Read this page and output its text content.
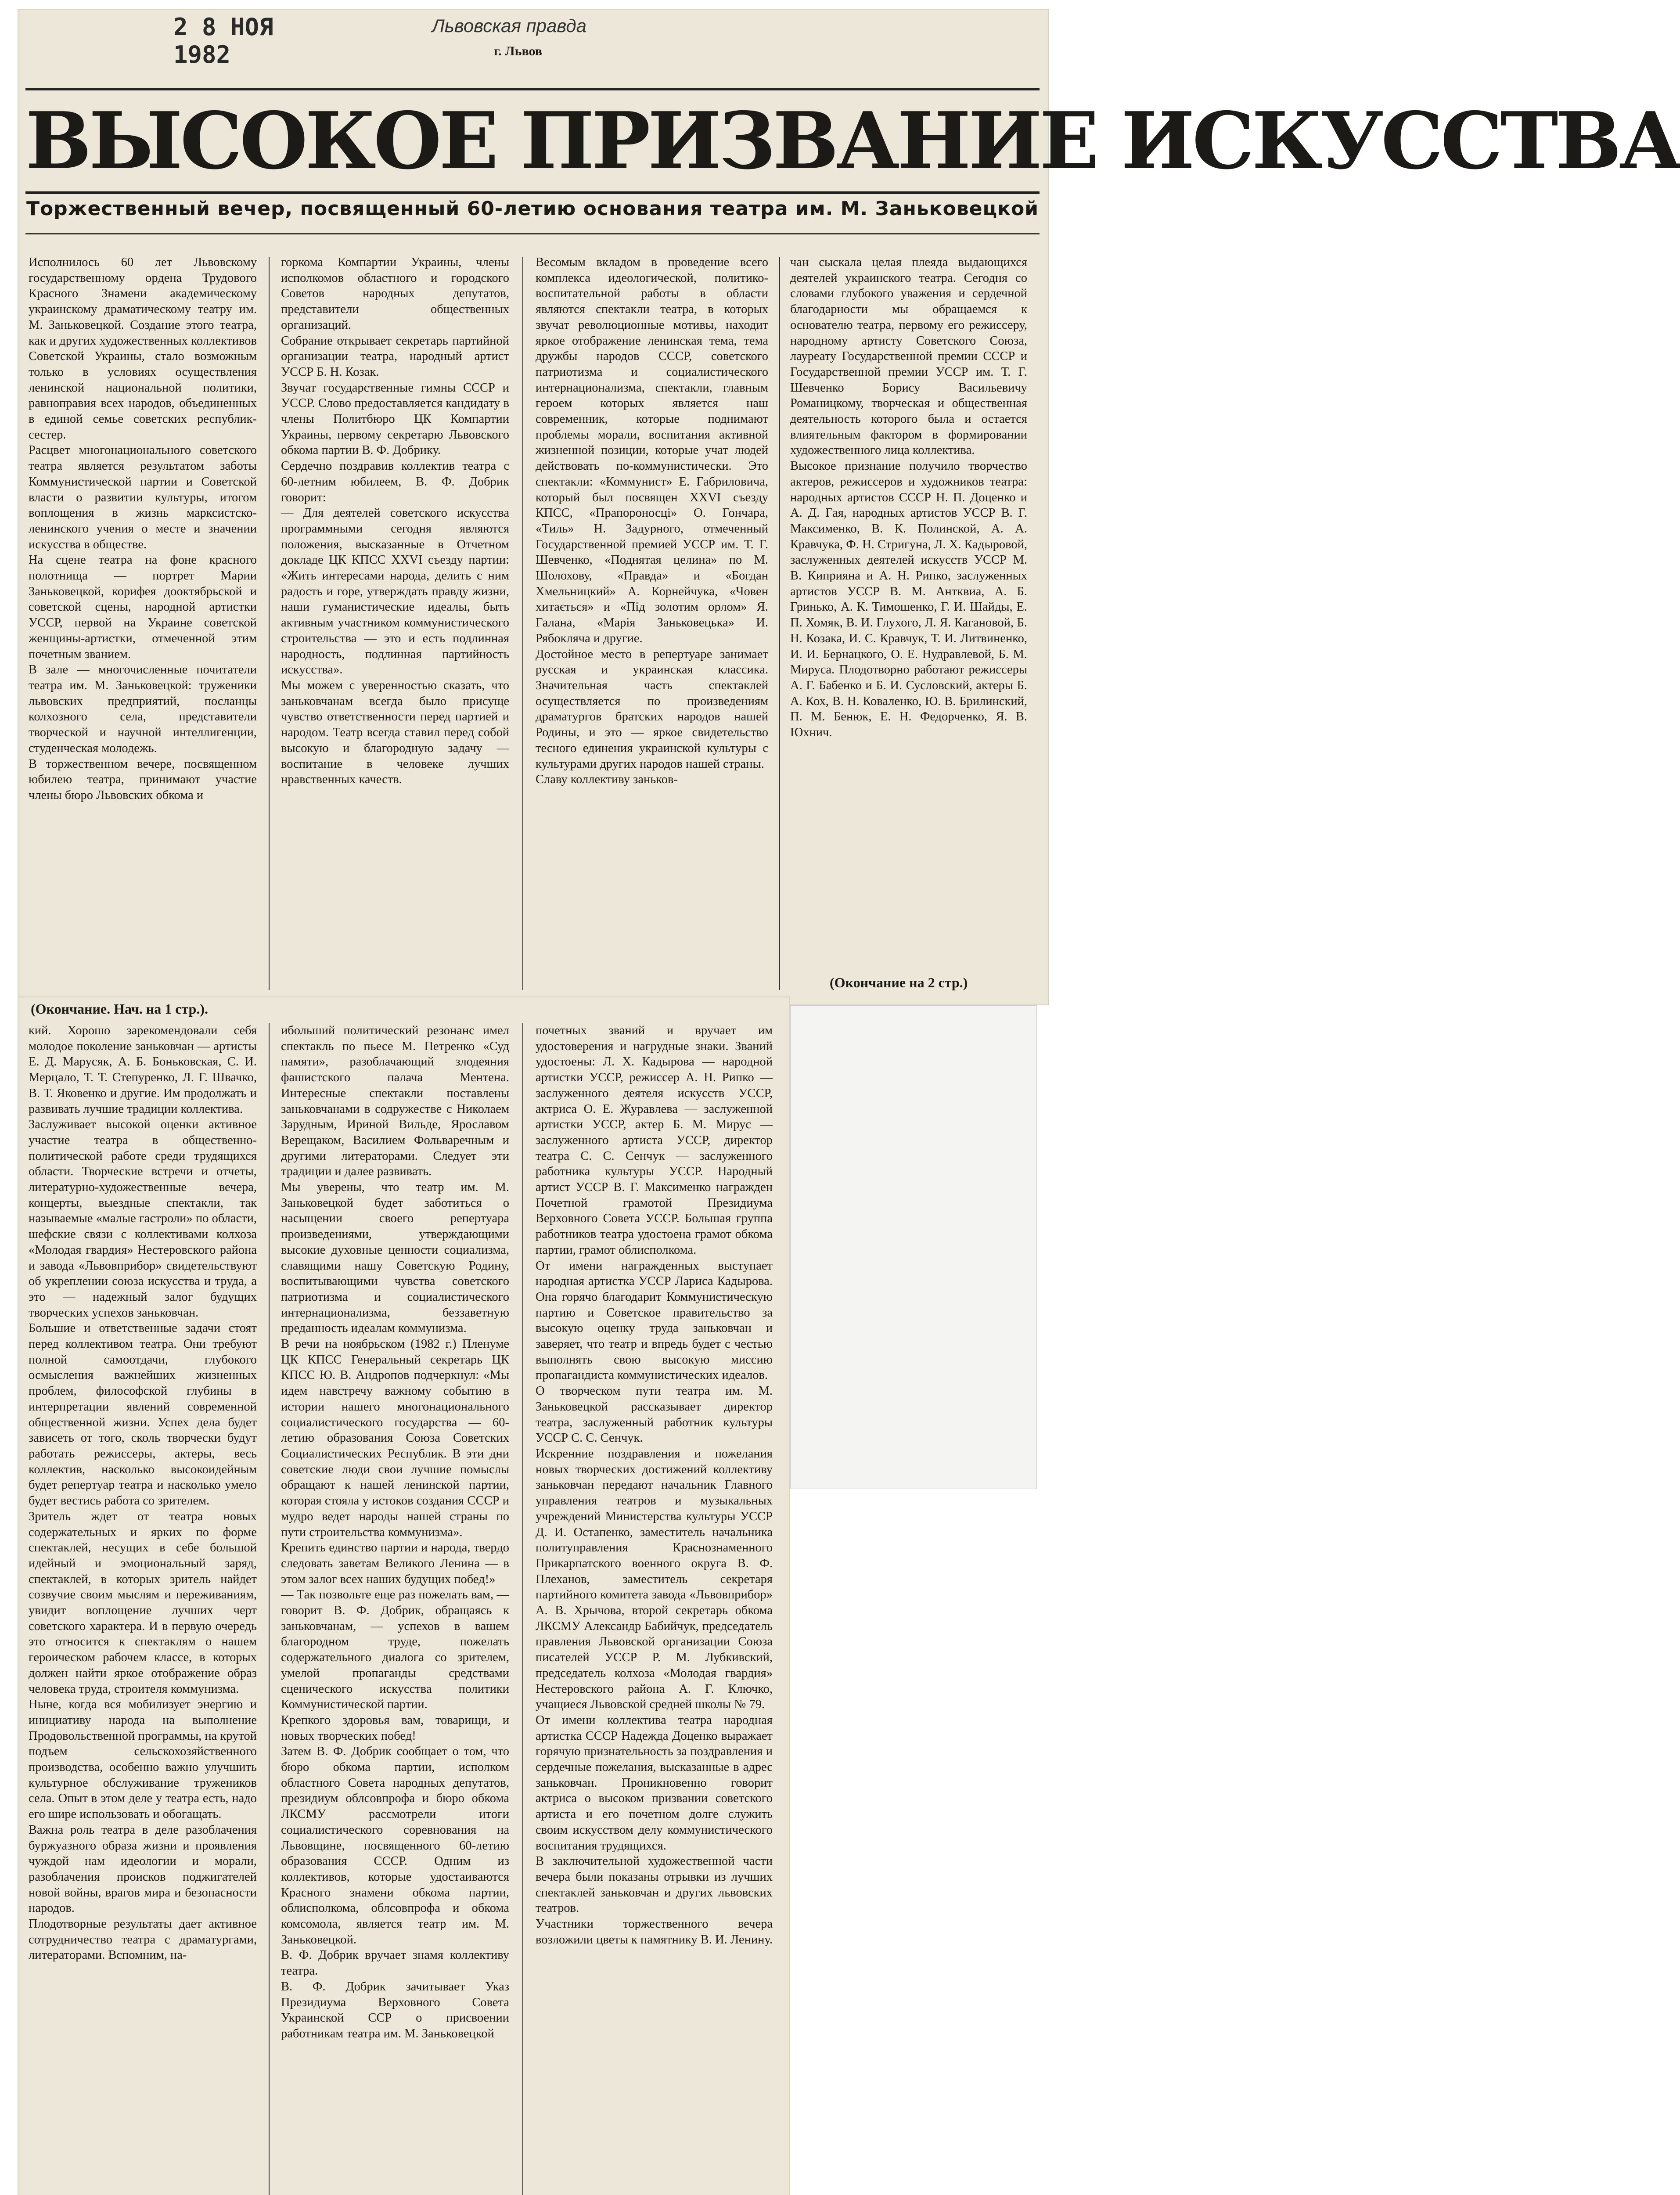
2 8 НОЯ 1982
Львовская правда
г. Львов
ВЫСОКОЕ ПРИЗВАНИЕ ИСКУССТВА
Торжественный вечер, посвященный 60-летию основания театра им. М. Заньковецкой
Исполнилось 60 лет Львовскому государственному ордена Трудового Красного Знамени академическому украинскому драматическому театру им. М. Заньковецкой. Создание этого театра, как и других художественных коллективов Советской Украины, стало возможным только в условиях осуществления ленинской национальной политики, равноправия всех народов, объединенных в единой семье советских республик-сестер.
Расцвет многонационального советского театра является результатом заботы Коммунистической партии и Советской власти о развитии культуры, итогом воплощения в жизнь марксистско-ленинского учения о месте и значении искусства в обществе.
На сцене театра на фоне красного полотнища — портрет Марии Заньковецкой, корифея дооктябрьской и советской сцены, народной артистки УССР, первой на Украине советской женщины-артистки, отмеченной этим почетным званием.
В зале — многочисленные почитатели театра им. М. Заньковецкой: труженики львовских предприятий, посланцы колхозного села, представители творческой и научной интеллигенции, студенческая молодежь.
В торжественном вечере, посвященном юбилею театра, принимают участие члены бюро Львовских обкома и
горкома Компартии Украины, члены исполкомов областного и городского Советов народных депутатов, представители общественных организаций.
Собрание открывает секретарь партийной организации театра, народный артист УССР Б. Н. Козак.
Звучат государственные гимны СССР и УССР. Слово предоставляется кандидату в члены Политбюро ЦК Компартии Украины, первому секретарю Львовского обкома партии В. Ф. Добрику.
Сердечно поздравив коллектив театра с 60-летним юбилеем, В. Ф. Добрик говорит:
— Для деятелей советского искусства программными сегодня являются положения, высказанные в Отчетном докладе ЦК КПСС XXVI съезду партии: «Жить интересами народа, делить с ним радость и горе, утверждать правду жизни, наши гуманистические идеалы, быть активным участником коммунистического строительства — это и есть подлинная народность, подлинная партийность искусства».
Мы можем с уверенностью сказать, что заньковчанам всегда было присуще чувство ответственности перед партией и народом. Театр всегда ставил перед собой высокую и благородную задачу — воспитание в человеке лучших нравственных качеств.
Весомым вкладом в проведение всего комплекса идеологической, политико-воспитательной работы в области являются спектакли театра, в которых звучат революционные мотивы, находит яркое отображение ленинская тема, тема дружбы народов СССР, советского патриотизма и социалистического интернационализма, спектакли, главным героем которых является наш современник, которые поднимают проблемы морали, воспитания активной жизненной позиции, которые учат людей действовать по-коммунистически. Это спектакли: «Коммунист» Е. Габриловича, который был посвящен XXVI съезду КПСС, «Прапороносці» О. Гончара, «Тиль» Н. Задурного, отмеченный Государственной премией УССР им. Т. Г. Шевченко, «Поднятая целина» по М. Шолохову, «Правда» и «Богдан Хмельницкий» А. Корнейчука, «Човен хитається» и «Під золотим орлом» Я. Галана, «Марія Заньковецька» И. Рябокляча и другие.
Достойное место в репертуаре занимает русская и украинская классика. Значительная часть спектаклей осуществляется по произведениям драматургов братских народов нашей Родины, и это — яркое свидетельство тесного единения украинской культуры с культурами других народов нашей страны.
Славу коллективу заньков-
чан сыскала целая плеяда выдающихся деятелей украинского театра. Сегодня со словами глубокого уважения и сердечной благодарности мы обращаемся к основателю театра, первому его режиссеру, народному артисту Советского Союза, лауреату Государственной премии СССР и Государственной премии УССР им. Т. Г. Шевченко Борису Васильевичу Романицкому, творческая и общественная деятельность которого была и остается влиятельным фактором в формировании художественного лица коллектива.
Высокое признание получило творчество актеров, режиссеров и художников театра: народных артистов СССР Н. П. Доценко и А. Д. Гая, народных артистов УССР В. Г. Максименко, В. К. Полинской, А. А. Кравчука, Ф. Н. Стригуна, Л. Х. Кадыровой, заслуженных деятелей искусств УССР М. В. Киприяна и А. Н. Рипко, заслуженных артистов УССР В. М. Антквиа, А. Б. Гринько, А. К. Тимошенко, Г. И. Шайды, Е. П. Хомяк, В. И. Глухого, Л. Я. Кагановой, Б. Н. Козака, И. С. Кравчук, Т. И. Литвиненко, И. И. Бернацкого, О. Е. Нудравлевой, Б. М. Мирусa. Плодотворно работают режиссеры А. Г. Бабенко и Б. И. Сусловский, актеры Б. А. Кох, В. Н. Коваленко, Ю. В. Брилинский, П. М. Бенюк, Е. Н. Федорченко, Я. В. Юхнич.
(Окончание на 2 стр.)
(Окончание. Нач. на 1 стр.).
кий. Хорошо зарекомендовали себя молодое поколение заньковчан — артисты Е. Д. Марусяк, А. Б. Боньковская, С. И. Мерцало, Т. Т. Степуренко, Л. Г. Швачко, В. Т. Яковенко и другие. Им продолжать и развивать лучшие традиции коллектива.
Заслуживает высокой оценки активное участие театра в общественно-политической работе среди трудящихся области. Творческие встречи и отчеты, литературно-художественные вечера, концерты, выездные спектакли, так называемые «малые гастроли» по области, шефские связи с коллективами колхоза «Молодая гвардия» Нестеровского района и завода «Львовприбор» свидетельствуют об укреплении союза искусства и труда, а это — надежный залог будущих творческих успехов заньковчан.
Большие и ответственные задачи стоят перед коллективом театра. Они требуют полной самоотдачи, глубокого осмысления важнейших жизненных проблем, философской глубины в интерпретации явлений современной общественной жизни. Успех дела будет зависеть от того, сколь творчески будут работать режиссеры, актеры, весь коллектив, насколько высокоидейным будет репертуар театра и насколько умело будет вестись работа со зрителем.
Зритель ждет от театра новых содержательных и ярких по форме спектаклей, несущих в себе большой идейный и эмоциональный заряд, спектаклей, в которых зритель найдет созвучие своим мыслям и переживаниям, увидит воплощение лучших черт советского характера. И в первую очередь это относится к спектаклям о нашем героическом рабочем классе, в которых должен найти яркое отображение образ человека труда, строителя коммунизма.
Ныне, когда вся мобилизует энергию и инициативу народа на выполнение Продовольственной программы, на крутой подъем сельскохозяйственного производства, особенно важно улучшить культурное обслуживание тружеников села. Опыт в этом деле у театра есть, надо его шире использовать и обогащать.
Важна роль театра в деле разоблачения буржуазного образа жизни и проявления чуждой нам идеологии и морали, разоблачения происков поджигателей новой войны, врагов мира и безопасности народов.
Плодотворные результаты дает активное сотрудничество театра с драматургами, литераторами. Вспомним, на-
ибольший политический резонанс имел спектакль по пьесе М. Петренко «Суд памяти», разоблачающий злодеяния фашистского палача Ментена. Интересные спектакли поставлены заньковчанами в содружестве с Николаем Зарудным, Ириной Вильде, Ярославом Верещаком, Василием Фольваречным и другими литераторами. Следует эти традиции и далее развивать.
Мы уверены, что театр им. М. Заньковецкой будет заботиться о насыщении своего репертуара произведениями, утверждающими высокие духовные ценности социализма, славящими нашу Советскую Родину, воспитывающими чувства советского патриотизма и социалистического интернационализма, беззаветную преданность идеалам коммунизма.
В речи на ноябрьском (1982 г.) Пленуме ЦК КПСС Генеральный секретарь ЦК КПСС Ю. В. Андропов подчеркнул: «Мы идем навстречу важному событию в истории нашего многонационального социалистического государства — 60-летию образования Союза Советских Социалистических Республик. В эти дни советские люди свои лучшие помыслы обращают к нашей ленинской партии, которая стояла у истоков создания СССР и мудро ведет народы нашей страны по пути строительства коммунизма».
Крепить единство партии и народа, твердо следовать заветам Великого Ленина — в этом залог всех наших будущих побед!»
— Так позвольте еще раз пожелать вам, — говорит В. Ф. Добрик, обращаясь к заньковчанам, — успехов в вашем благородном труде, пожелать содержательного диалога со зрителем, умелой пропаганды средствами сценического искусства политики Коммунистической партии.
Крепкого здоровья вам, товарищи, и новых творческих побед!
Затем В. Ф. Добрик сообщает о том, что бюро обкома партии, исполком областного Совета народных депутатов, президиум облсовпрофа и бюро обкома ЛКСМУ рассмотрели итоги социалистического соревнования на Львовщине, посвященного 60-летию образования СССР. Одним из коллективов, которые удостаиваются Красного знамени обкома партии, облисполкома, облсовпрофа и обкома комсомола, является театр им. М. Заньковецкой.
В. Ф. Добрик вручает знамя коллективу театра.
В. Ф. Добрик зачитывает Указ Президиума Верховного Совета Украинской ССР о присвоении работникам театра им. М. Заньковецкой
почетных званий и вручает им удостоверения и нагрудные знаки. Званий удостоены: Л. Х. Кадырова — народной артистки УССР, режиссер А. Н. Рипко — заслуженного деятеля искусств УССР, актриса О. Е. Журавлева — заслуженной артистки УССР, актер Б. М. Мирус — заслуженного артиста УССР, директор театра С. С. Сенчук — заслуженного работника культуры УССР. Народный артист УССР В. Г. Максименко награжден Почетной грамотой Президиума Верховного Совета УССР. Большая группа работников театра удостоена грамот обкома партии, грамот облисполкома.
От имени награжденных выступает народная артистка УССР Лариса Кадырова. Она горячо благодарит Коммунистическую партию и Советское правительство за высокую оценку труда заньковчан и заверяет, что театр и впредь будет с честью выполнять свою высокую миссию пропагандиста коммунистических идеалов.
О творческом пути театра им. М. Заньковецкой рассказывает директор театра, заслуженный работник культуры УССР С. С. Сенчук.
Искренние поздравления и пожелания новых творческих достижений коллективу заньковчан передают начальник Главного управления театров и музыкальных учреждений Министерства культуры УССР Д. И. Остапенко, заместитель начальника политуправления Краснознаменного Прикарпатского военного округа В. Ф. Плеханов, заместитель секретаря партийного комитета завода «Львовприбор» А. В. Хрычова, второй секретарь обкома ЛКСМУ Александр Бабийчук, председатель правления Львовской организации Союза писателей УССР Р. М. Лубкивский, председатель колхоза «Молодая гвардия» Нестеровского района А. Г. Ключко, учащиеся Львовской средней школы № 79.
От имени коллектива театра народная артистка СССР Надежда Доценко выражает горячую признательность за поздравления и сердечные пожелания, высказанные в адрес заньковчан. Проникновенно говорит актриса о высоком призвании советского артиста и его почетном долге служить своим искусством делу коммунистического воспитания трудящихся.
В заключительной художественной части вечера были показаны отрывки из лучших спектаклей заньковчан и других львовских театров.
Участники торжественного вечера возложили цветы к памятнику В. И. Ленину.
